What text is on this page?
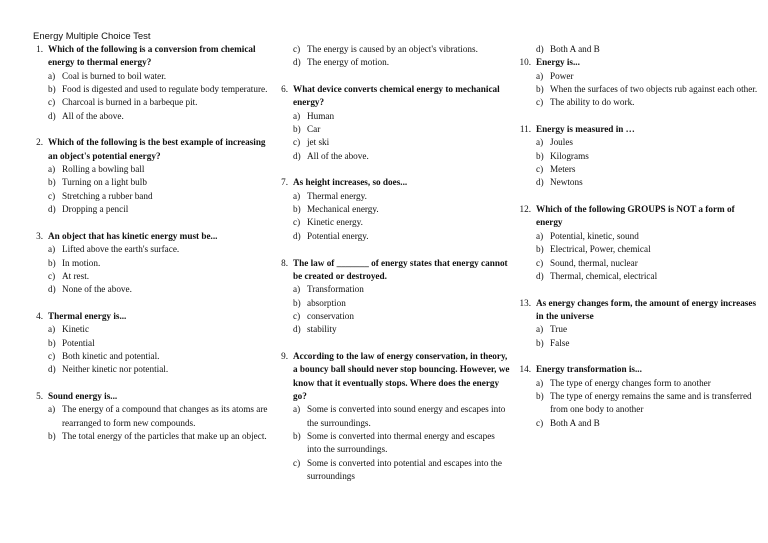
Energy Multiple Choice Test
1. Which of the following is a conversion from chemical energy to thermal energy?
a) Coal is burned to boil water.
b) Food is digested and used to regulate body temperature.
c) Charcoal is burned in a barbeque pit.
d) All of the above.
2. Which of the following is the best example of increasing an object's potential energy?
a) Rolling a bowling ball
b) Turning on a light bulb
c) Stretching a rubber band
d) Dropping a pencil
3. An object that has kinetic energy must be...
a) Lifted above the earth's surface.
b) In motion.
c) At rest.
d) None of the above.
4. Thermal energy is...
a) Kinetic
b) Potential
c) Both kinetic and potential.
d) Neither kinetic nor potential.
5. Sound energy is...
a) The energy of a compound that changes as its atoms are rearranged to form new compounds.
b) The total energy of the particles that make up an object.
c) The energy is caused by an object's vibrations.
d) The energy of motion.
6. What device converts chemical energy to mechanical energy?
a) Human
b) Car
c) jet ski
d) All of the above.
7. As height increases, so does...
a) Thermal energy.
b) Mechanical energy.
c) Kinetic energy.
d) Potential energy.
8. The law of _______ of energy states that energy cannot be created or destroyed.
a) Transformation
b) absorption
c) conservation
d) stability
9. According to the law of energy conservation, in theory, a bouncy ball should never stop bouncing. However, we know that it eventually stops. Where does the energy go?
a) Some is converted into sound energy and escapes into the surroundings.
b) Some is converted into thermal energy and escapes into the surroundings.
c) Some is converted into potential and escapes into the surroundings
d) Both A and B
10. Energy is...
a) Power
b) When the surfaces of two objects rub against each other.
c) The ability to do work.
11. Energy is measured in …
a) Joules
b) Kilograms
c) Meters
d) Newtons
12. Which of the following GROUPS is NOT a form of energy
a) Potential, kinetic, sound
b) Electrical, Power, chemical
c) Sound, thermal, nuclear
d) Thermal, chemical, electrical
13. As energy changes form, the amount of energy increases in the universe
a) True
b) False
14. Energy transformation is...
a) The type of energy changes form to another
b) The type of energy remains the same and is transferred from one body to another
c) Both A and B
